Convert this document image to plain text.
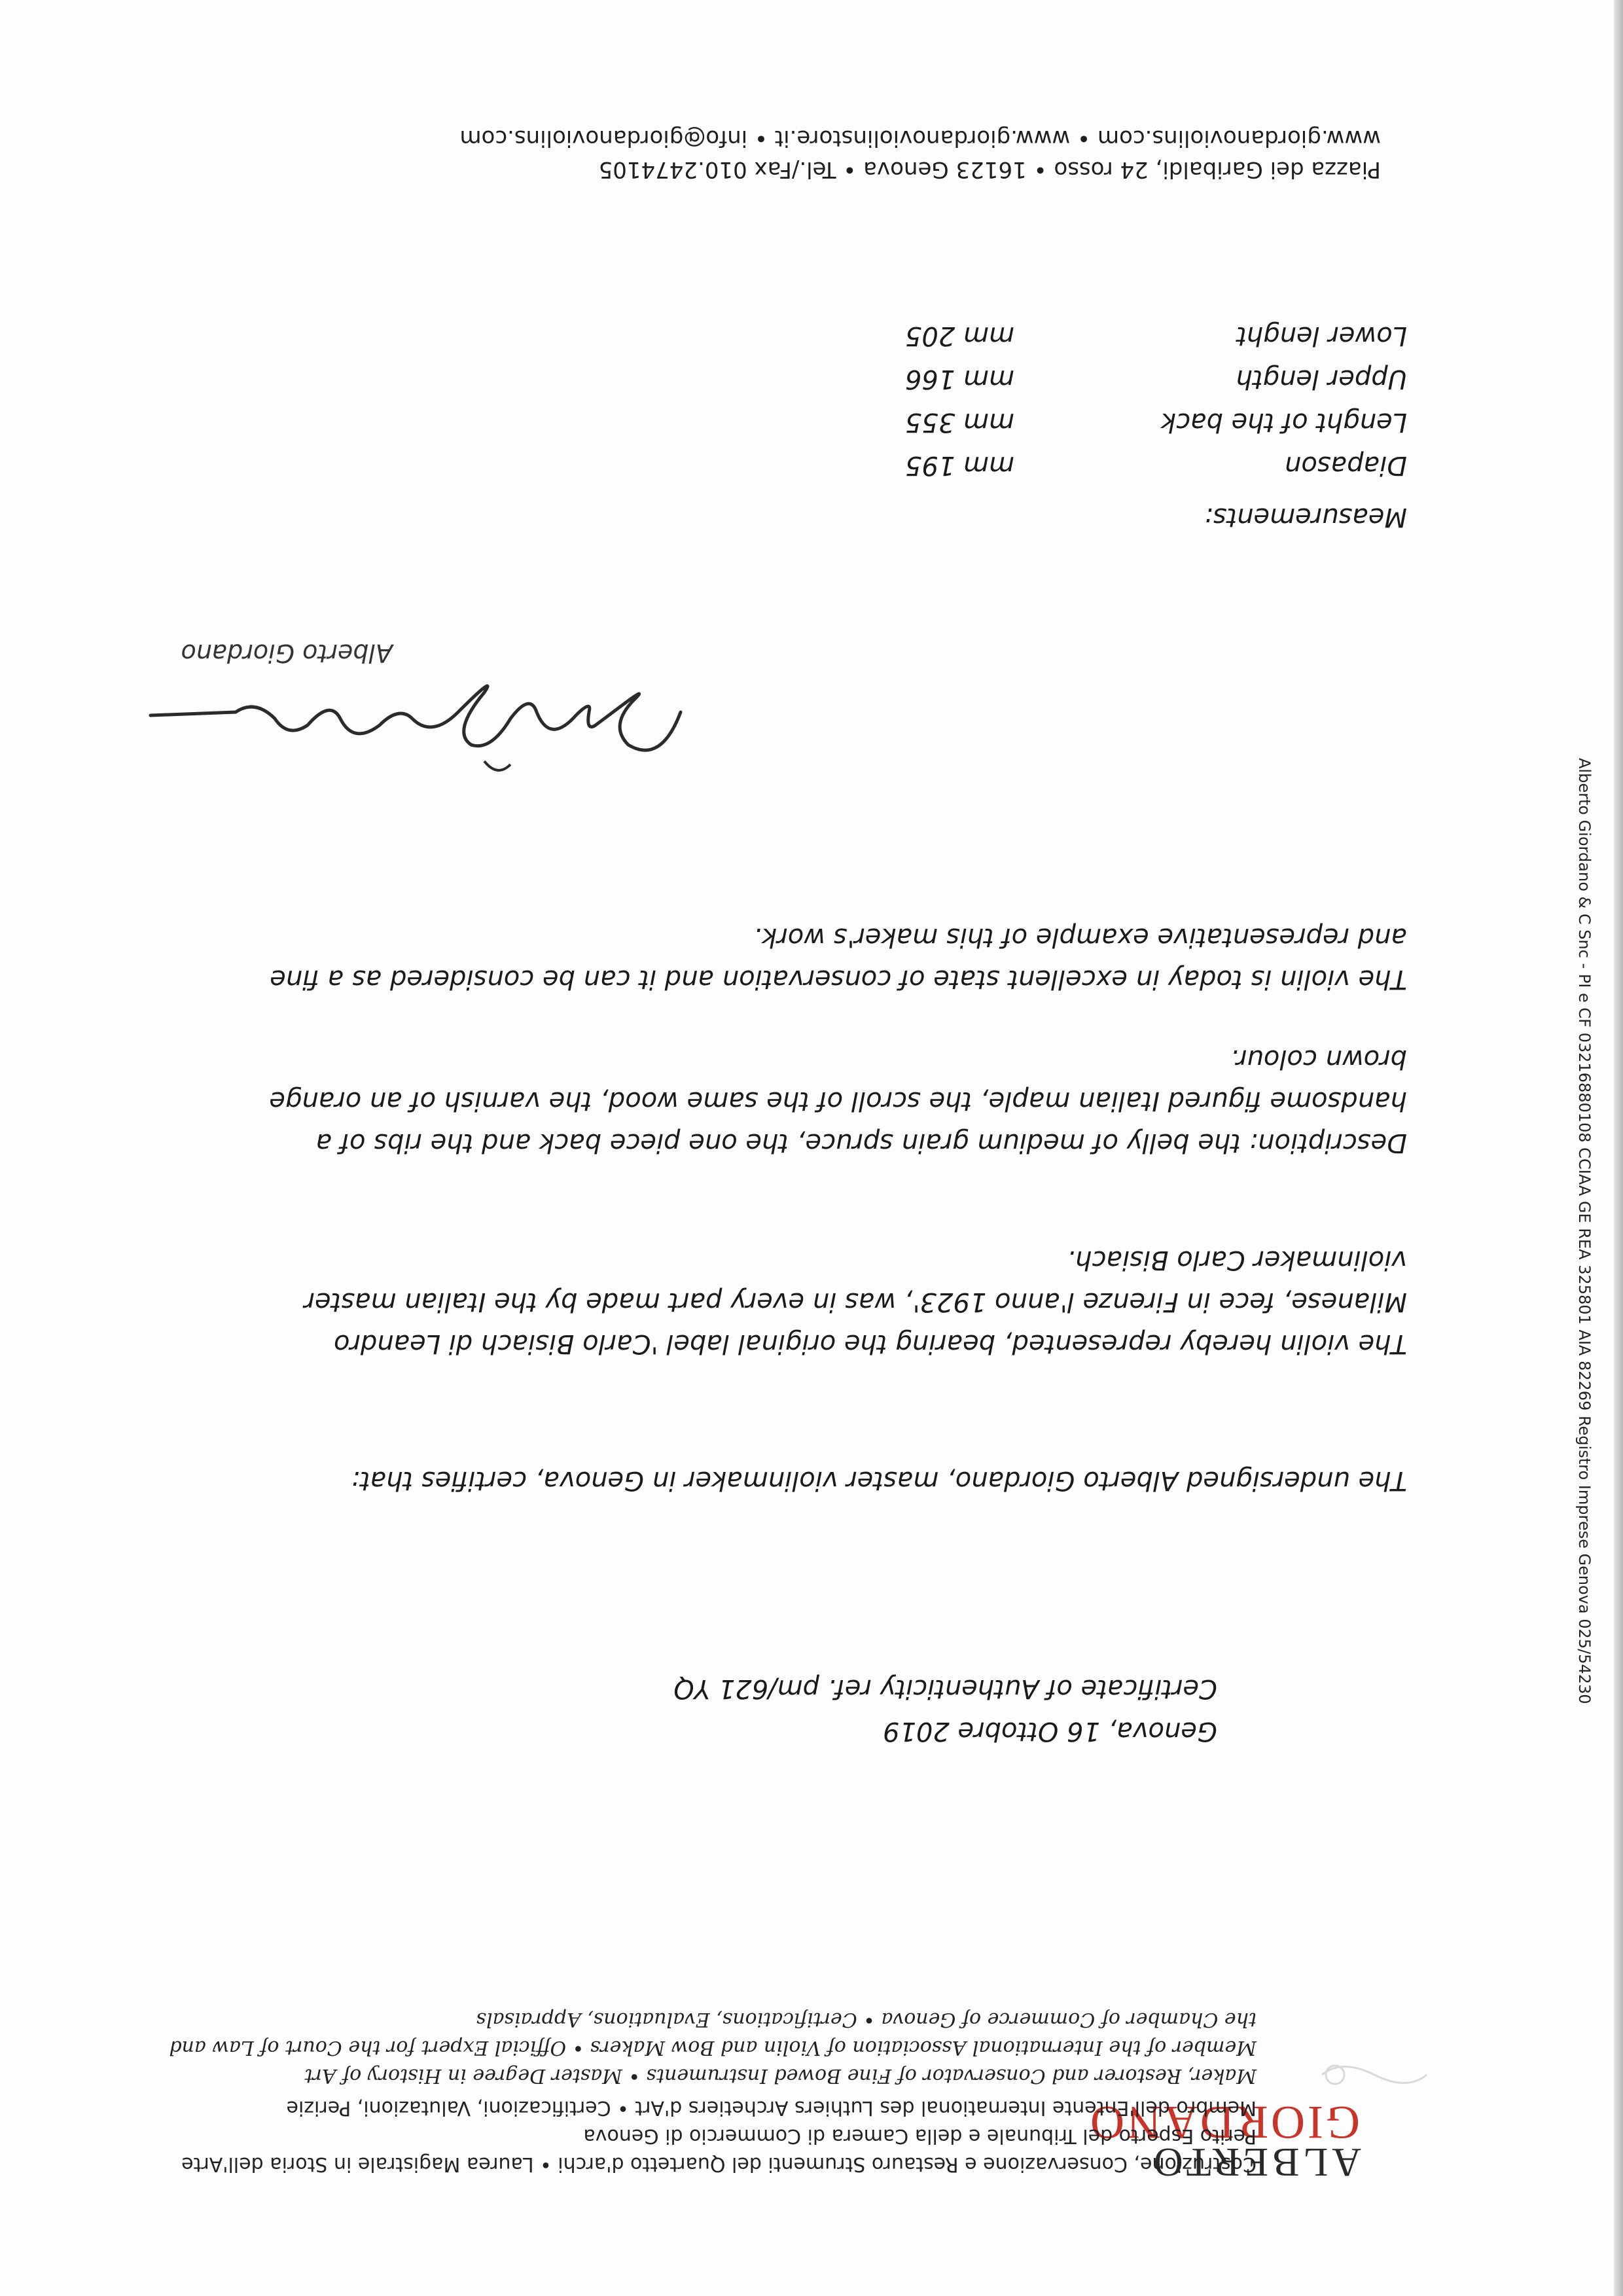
ALBERTO
GIORDANO
Costruzione, Conservazione e Restauro Strumenti del Quartetto d'archi • Laurea Magistrale in Storia dell'Arte
Perito Esperto del Tribunale e della Camera di Commercio di Genova
Membro dell'Entente International des Luthiers Archetiers d'Art • Certificazioni, Valutazioni, Perizie
Maker, Restorer and Conservator of Fine Bowed Instruments • Master Degree in History of Art
Member of the International Association of Violin and Bow Makers • Official Expert for the Court of Law and
the Chamber of Commerce of Genova • Certifications, Evaluations, Appraisals
Genova, 16 Ottobre 2019
Certificate of Authenticity ref. pm/621 YQ
The undersigned Alberto Giordano, master violinmaker in Genova, certifies that:
The violin hereby represented, bearing the original label 'Carlo Bisiach di Leandro
Milanese, fece in Firenze l'anno 1923', was in every part made by the Italian master
violinmaker Carlo Bisiach.
Description: the belly of medium grain spruce, the one piece back and the ribs of a
handsome figured Italian maple, the scroll of the same wood, the varnish of an orange
brown colour.
The violin is today in excellent state of conservation and it can be considered as a fine
and representative example of this maker's work.
Alberto Giordano
Measurements:
Diapason
mm 195
Lenght of the back
mm 355
Upper length
mm 166
Lower lenght
mm 205
Piazza dei Garibaldi, 24 rosso • 16123 Genova • Tel./Fax 010.2474105
www.giordanoviolins.com • www.giordanoviolinstore.it • info@giordanoviolins.com
Alberto Giordano & C Snc - PI e CF 03216880108 CCIAA GE REA 325801 AIA 82269 Registro Imprese Genova 025/54230
